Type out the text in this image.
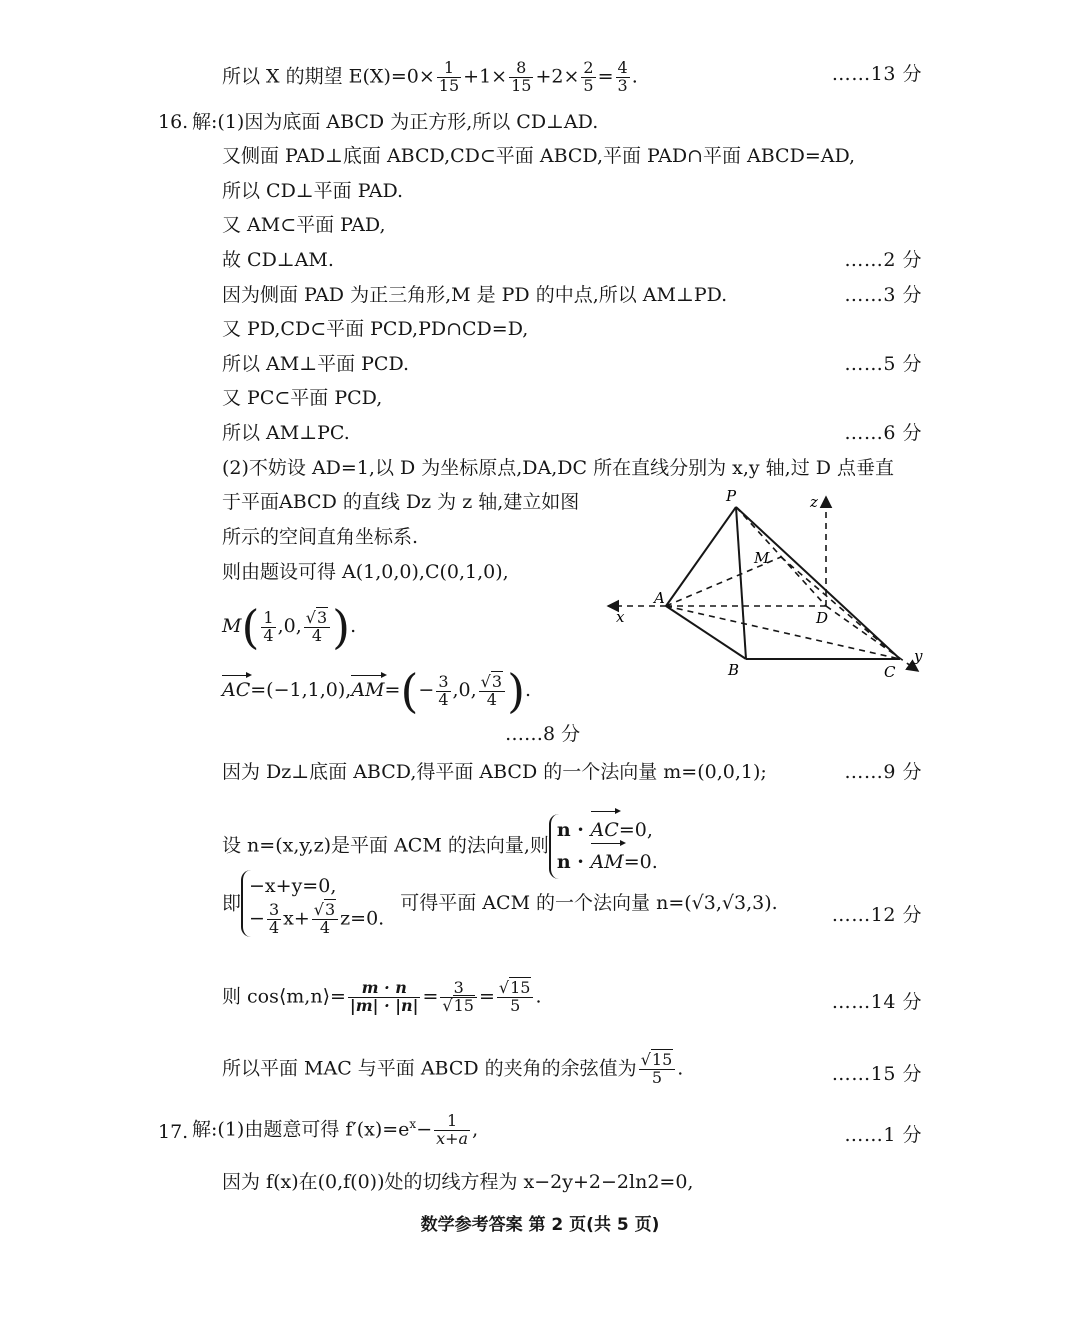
所以 X 的期望 $E(X)=0\times \frac{1}{15} +1\times \frac{8}{15} +2\times \frac{2}{5} = \frac{4}{3}$ .	……13 分
16. 解:(1)因为底面 ABCD 为正方形,所以 CD⊥AD.
又侧面 PAD⊥底面 ABCD,CD⊂平面 ABCD,平面 PAD∩平面 ABCD=AD,
所以 CD⊥平面 PAD.
又 AM⊂平面 PAD,
故 CD⊥AM.	……2 分
因为侧面 PAD 为正三角形,M 是 PD 的中点,所以 AM⊥PD.	……3 分
又 PD,CD⊂平面 PCD,PD∩CD=D,
所以 AM⊥平面 PCD.	……5 分
又 PC⊂平面 PCD,
所以 AM⊥PC.	……6 分
(2)不妨设 AD=1,以 D 为坐标原点,DA,DC 所在直线分别为 x,y 轴,过 D 点垂直
于平面ABCD 的直线 Dz 为 z 轴,建立如图
所示的空间直角坐标系.
则由题设可得 A(1,0,0),C(0,1,0),
$M( \frac{1}{4} ,0$, $\frac{√3}{4}$ ).
$AC=(-1,1,0),AM=(- \frac{3}{4} ,0$, $\frac{√3}{4}$ ).
……8 分
因为 Dz⊥底面 ABCD,得平面 ABCD 的一个法向量 m=(0,0,1);	……9 分
设 n=(x,y,z)是平面 ACM 的法向量,则
n · AC=0,
n · AM=0.
即
−x+y=0,
− $\frac{3}{4} x+ \frac{√3}{4} z=0$.
可得平面 ACM 的一个法向量 n=(√3,√3,3).
……12 分
则 cos⟨m,n⟩= $\frac{m \cdot n}{|m| \cdot |n|} = \frac{3}{√15} = \frac{√15}{5}$ .	……14 分
所以平面 MAC 与平面 ABCD 的夹角的余弦值为 $\frac{√15}{5}$ .	……15 分
17. 解:(1)由题意可得 $f'(x)=e^x- \frac{1}{x+a}$ ,	……1 分
因为 f(x)在(0,f(0))处的切线方程为 x−2y+2−2ln2=0,
数学参考答案 第 2 页(共 5 页)
P
M
A
D
B	C
x
y
z
